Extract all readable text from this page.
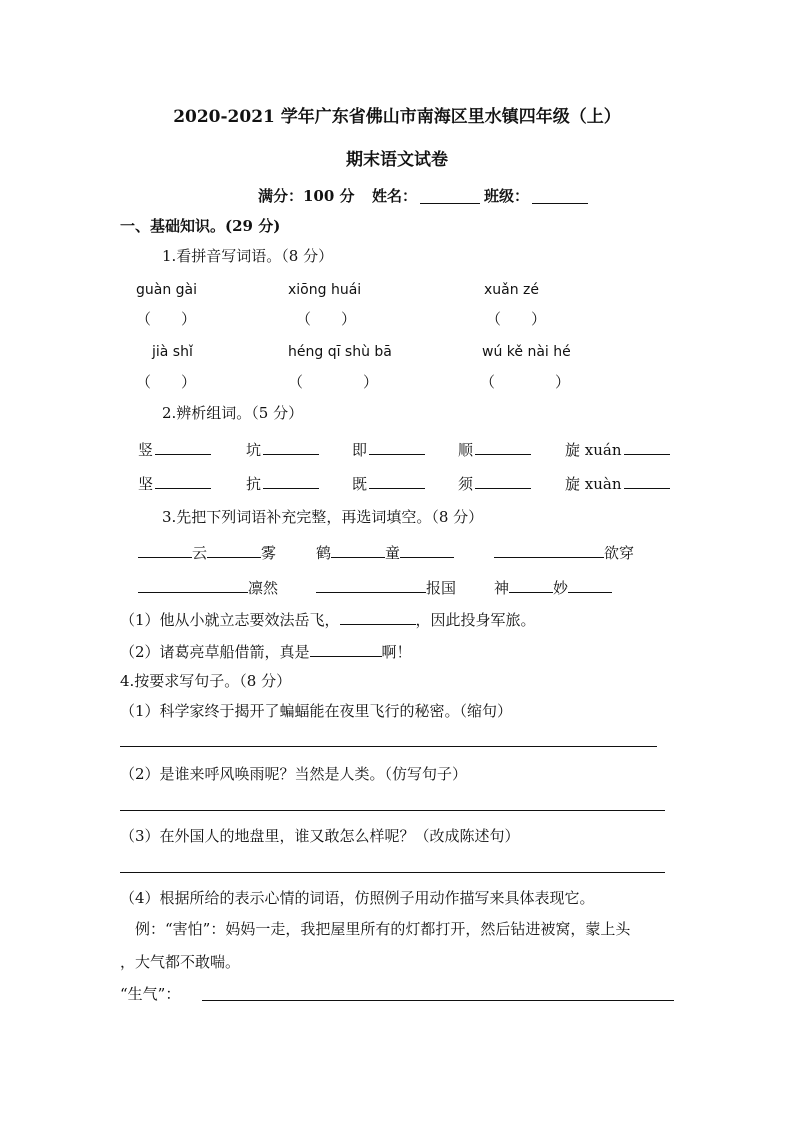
2020-2021 学年广东省佛山市南海区里水镇四年级（上）
期末语文试卷
满分：100 分 姓名：	班级：
一、基础知识。(29 分)
1.看拼音写词语。（8 分）
guàn gài	xiōng huái	xuǎn zé
（　　）	（　　）	（　　）
jià shǐ	héng qī shù bā	wú kě nài hé
（　　）	（　　　　）	（　　　　）
2.辨析组词。（5 分）
竖	坑	即	顺	旋 xuán
坚	抗	既	须	旋 xuàn
3.先把下列词语补充完整，再选词填空。（8 分）
云	雾	鹤	童	欲穿
凛然	报国	神	妙
（1）他从小就立志要效法岳飞，	，因此投身军旅。
（2）诸葛亮草船借箭，真是	啊！
4.按要求写句子。（8 分）
（1）科学家终于揭开了蝙蝠能在夜里飞行的秘密。（缩句）
（2）是谁来呼风唤雨呢？当然是人类。（仿写句子）
（3）在外国人的地盘里，谁又敢怎么样呢？（改成陈述句）
（4）根据所给的表示心情的词语，仿照例子用动作描写来具体表现它。
例：“害怕”：妈妈一走，我把屋里所有的灯都打开，然后钻进被窝，蒙上头
，大气都不敢喘。
“生气”：
